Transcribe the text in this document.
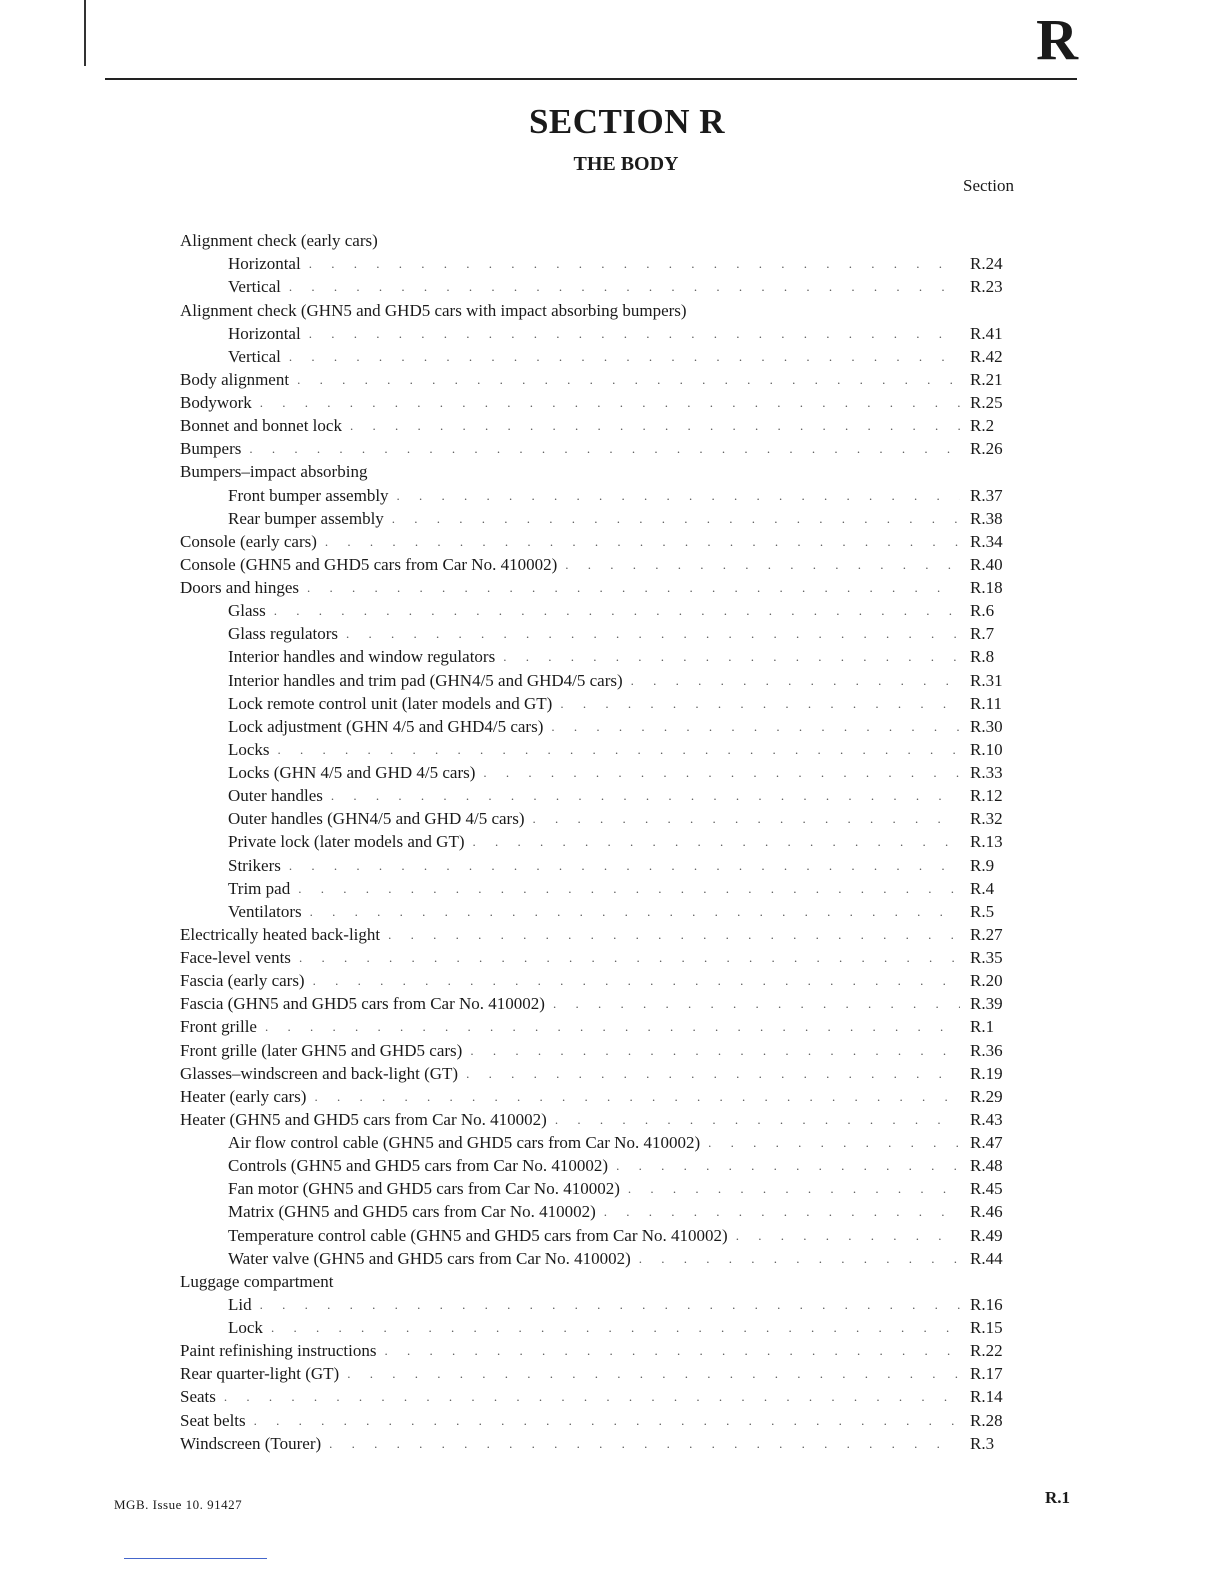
R
SECTION R
THE BODY
Section
Alignment check (early cars)
Horizontal . . .	R.24
Vertical . . .	R.23
Alignment check (GHN5 and GHD5 cars with impact absorbing bumpers)
Horizontal . . .	R.41
Vertical . . .	R.42
Body alignment . . .	R.21
Bodywork . . .	R.25
Bonnet and bonnet lock . . .	R.2
Bumpers . . .	R.26
Bumpers–impact absorbing
Front bumper assembly . . .	R.37
Rear bumper assembly . . .	R.38
Console (early cars) . . .	R.34
Console (GHN5 and GHD5 cars from Car No. 410002) . . .	R.40
Doors and hinges . . .	R.18
Glass . . .	R.6
Glass regulators . . .	R.7
Interior handles and window regulators . . .	R.8
Interior handles and trim pad (GHN4/5 and GHD4/5 cars) . . .	R.31
Lock remote control unit (later models and GT) . . .	R.11
Lock adjustment (GHN 4/5 and GHD4/5 cars) . . .	R.30
Locks . . .	R.10
Locks (GHN 4/5 and GHD 4/5 cars) . . .	R.33
Outer handles . . .	R.12
Outer handles (GHN4/5 and GHD 4/5 cars) . . .	R.32
Private lock (later models and GT) . . .	R.13
Strikers . . .	R.9
Trim pad . . .	R.4
Ventilators . . .	R.5
Electrically heated back-light . . .	R.27
Face-level vents . . .	R.35
Fascia (early cars) . . .	R.20
Fascia (GHN5 and GHD5 cars from Car No. 410002) . . .	R.39
Front grille . . .	R.1
Front grille (later GHN5 and GHD5 cars) . . .	R.36
Glasses–windscreen and back-light (GT) . . .	R.19
Heater (early cars) . . .	R.29
Heater (GHN5 and GHD5 cars from Car No. 410002) . . .	R.43
Air flow control cable (GHN5 and GHD5 cars from Car No. 410002) . . .	R.47
Controls (GHN5 and GHD5 cars from Car No. 410002) . . .	R.48
Fan motor (GHN5 and GHD5 cars from Car No. 410002) . . .	R.45
Matrix (GHN5 and GHD5 cars from Car No. 410002) . . .	R.46
Temperature control cable (GHN5 and GHD5 cars from Car No. 410002) . . .	R.49
Water valve (GHN5 and GHD5 cars from Car No. 410002) . . .	R.44
Luggage compartment
Lid . . .	R.16
Lock . . .	R.15
Paint refinishing instructions . . .	R.22
Rear quarter-light (GT) . . .	R.17
Seats . . .	R.14
Seat belts . . .	R.28
Windscreen (Tourer) . . .	R.3
MGB. Issue 10. 91427	R.1
